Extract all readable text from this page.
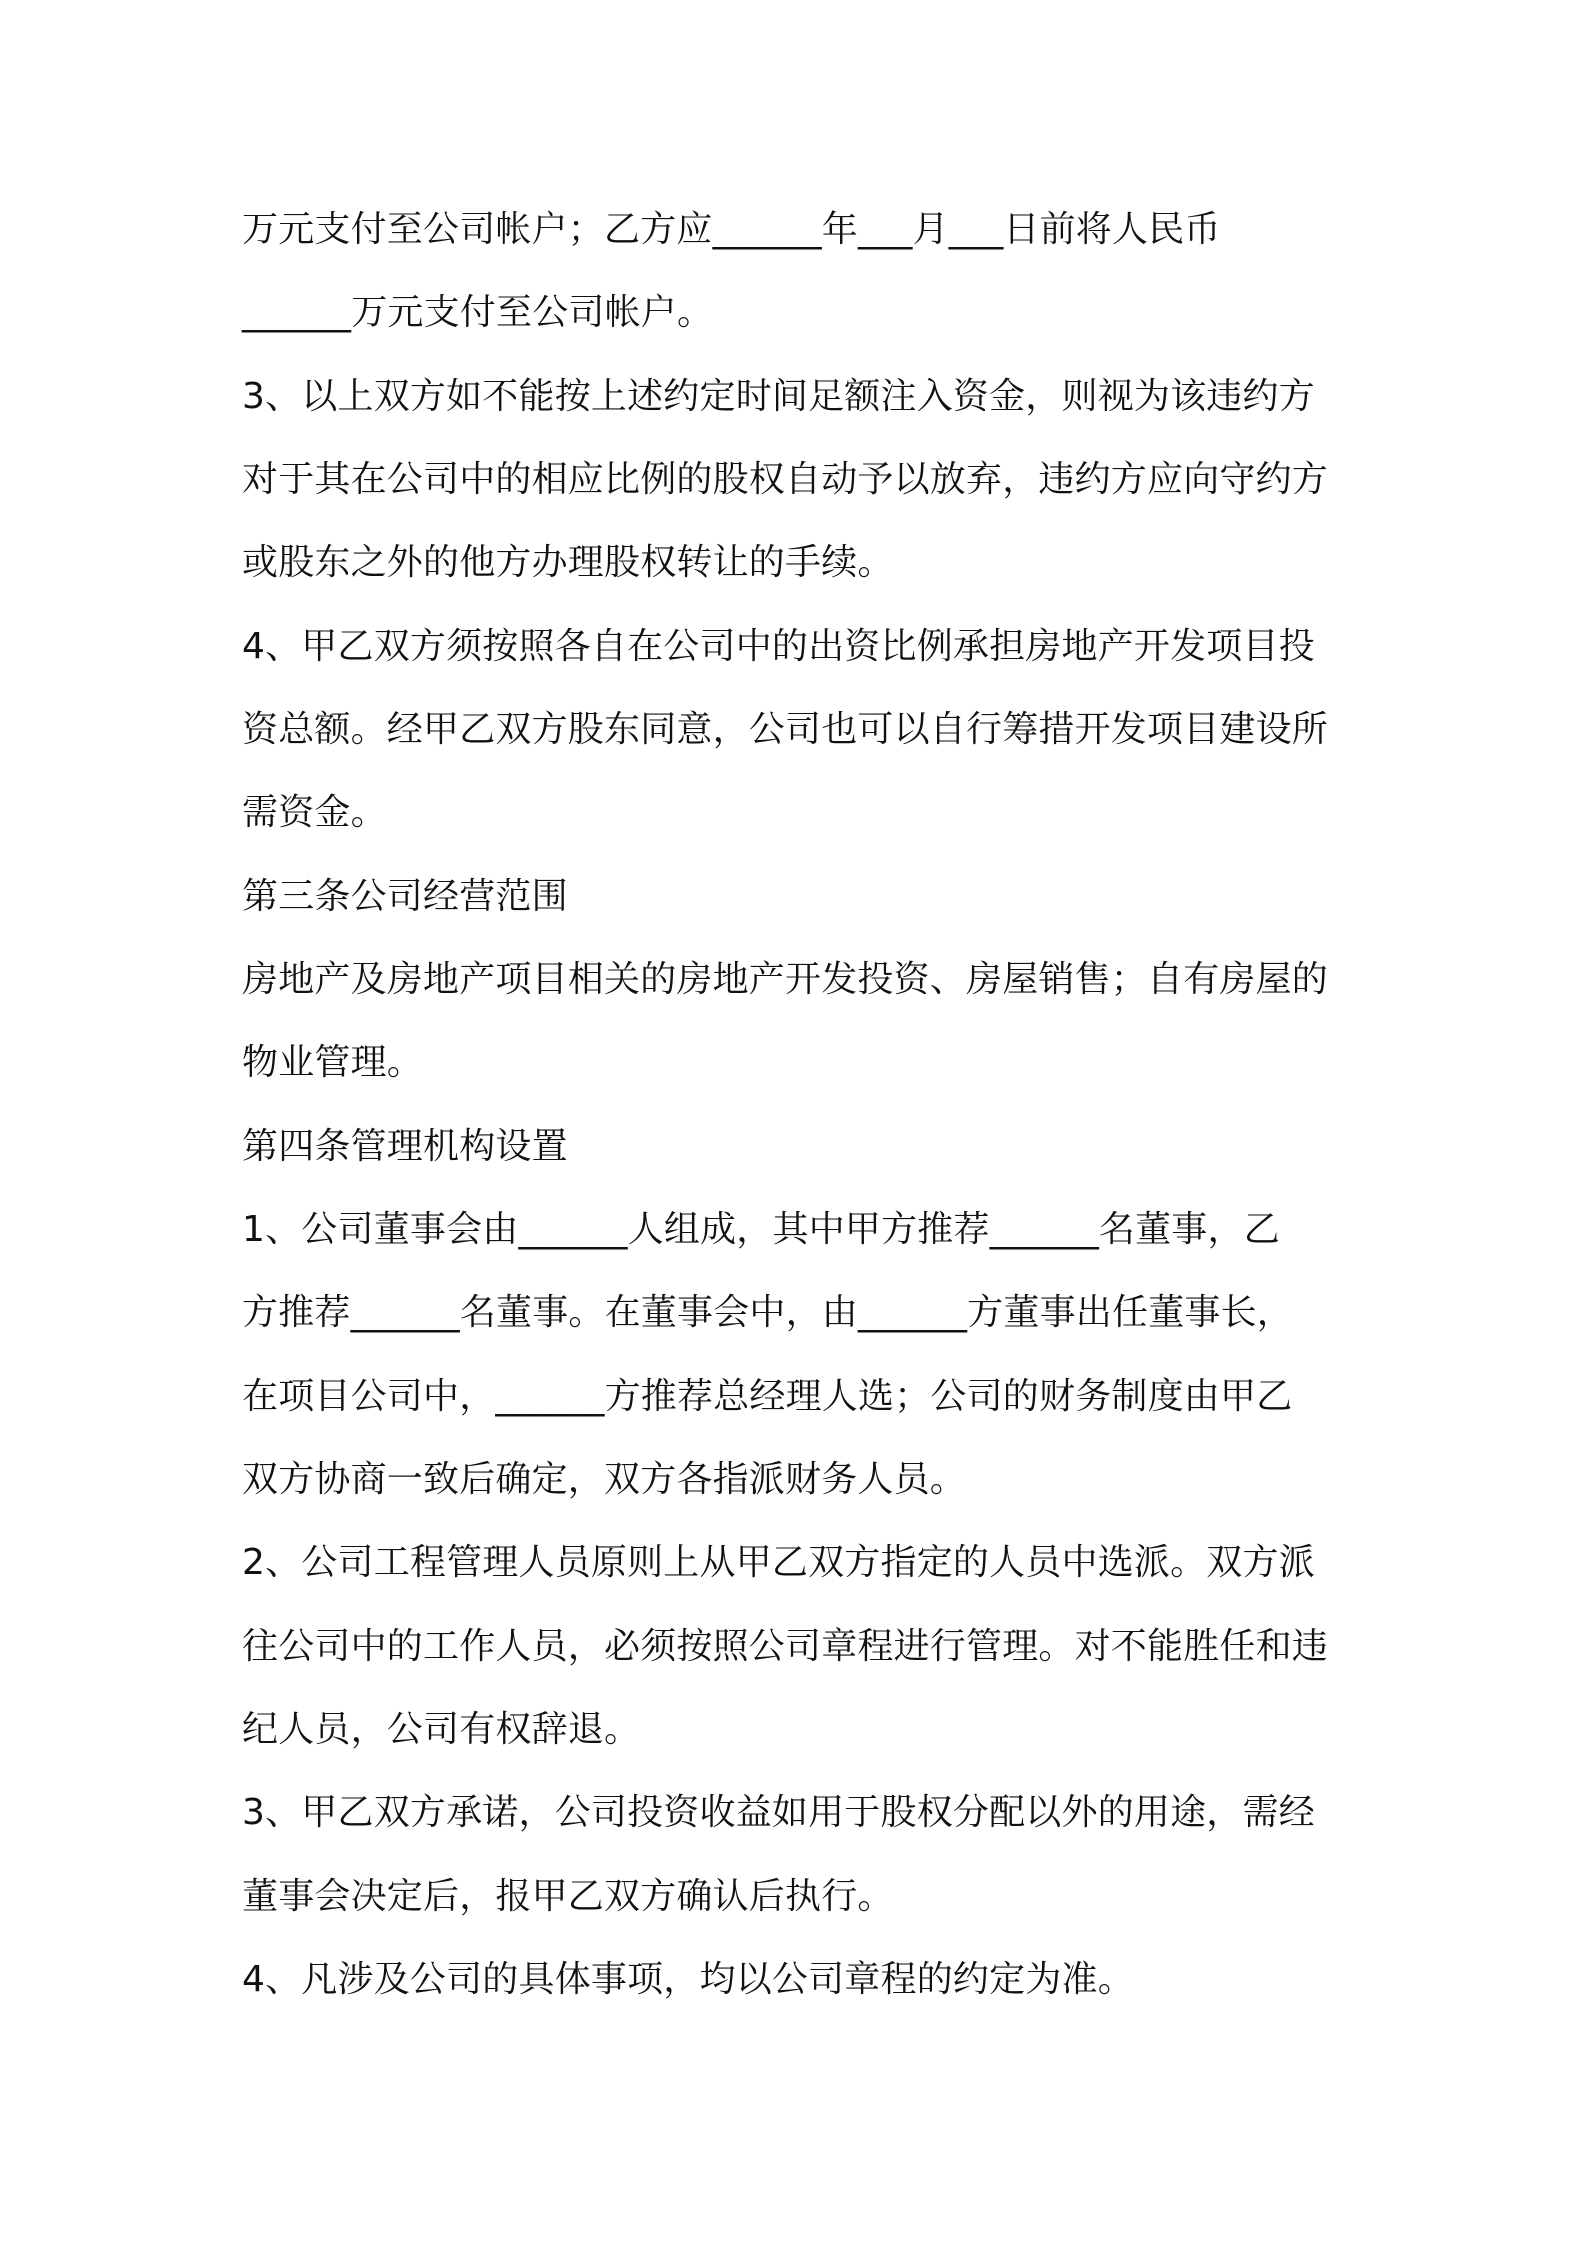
万元支付至公司帐户；乙方应______年___月___日前将人民币
______万元支付至公司帐户。
3、以上双方如不能按上述约定时间足额注入资金，则视为该违约方
对于其在公司中的相应比例的股权自动予以放弃，违约方应向守约方
或股东之外的他方办理股权转让的手续。
4、甲乙双方须按照各自在公司中的出资比例承担房地产开发项目投
资总额。经甲乙双方股东同意，公司也可以自行筹措开发项目建设所
需资金。
第三条公司经营范围
房地产及房地产项目相关的房地产开发投资、房屋销售；自有房屋的
物业管理。
第四条管理机构设置
1、公司董事会由______人组成，其中甲方推荐______名董事，乙
方推荐______名董事。在董事会中，由______方董事出任董事长，
在项目公司中，______方推荐总经理人选；公司的财务制度由甲乙
双方协商一致后确定，双方各指派财务人员。
2、公司工程管理人员原则上从甲乙双方指定的人员中选派。双方派
往公司中的工作人员，必须按照公司章程进行管理。对不能胜任和违
纪人员，公司有权辞退。
3、甲乙双方承诺，公司投资收益如用于股权分配以外的用途，需经
董事会决定后，报甲乙双方确认后执行。
4、凡涉及公司的具体事项，均以公司章程的约定为准。
